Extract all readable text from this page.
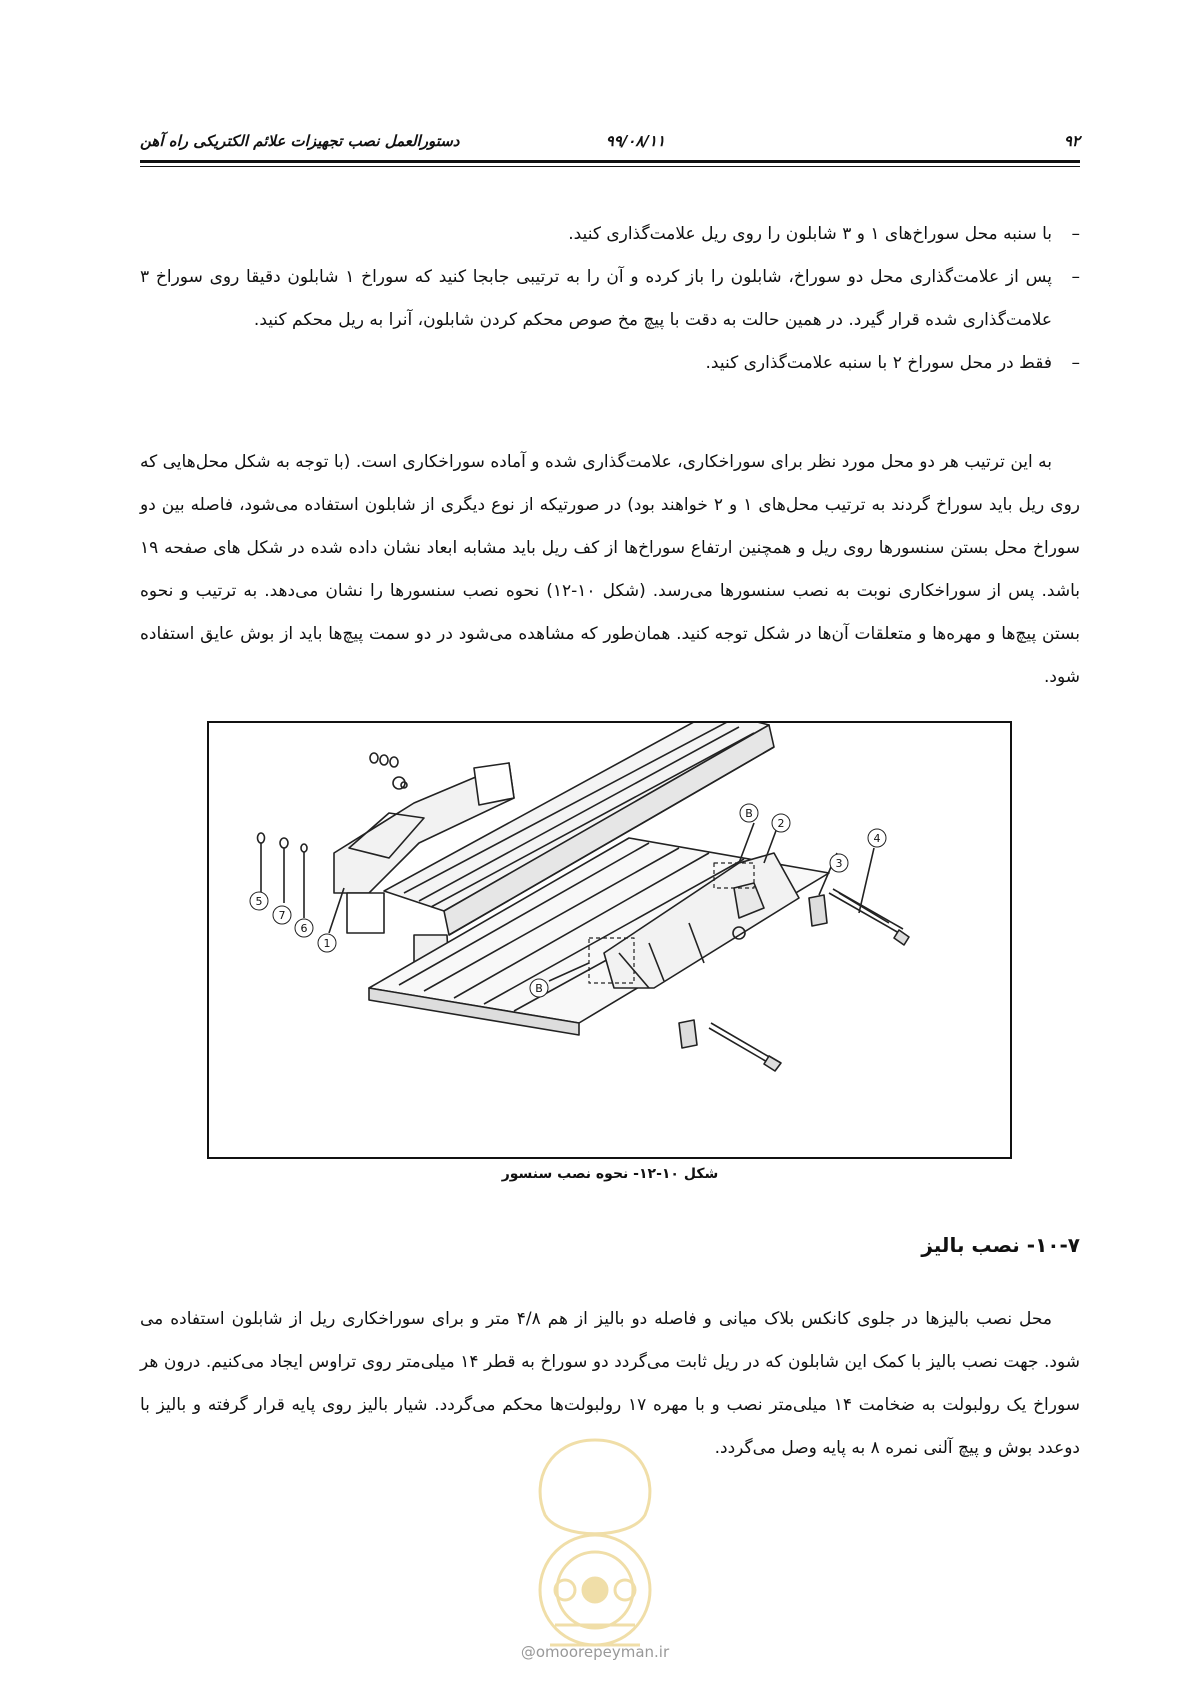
۹۲
۹۹/۰۸/۱۱
دستورالعمل نصب تجهیزات علائم الکتریکی راه آهن

–
با سنبه محل سوراخ‌های ۱ و ۳ شابلون را روی ریل علامت‌گذاری کنید.

–
پس از علامت‌گذاری محل دو سوراخ، شابلون را باز کرده و آن را به ترتیبی جابجا کنید که سوراخ ۱ شابلون دقیقا روی سوراخ ۳ علامت‌گذاری شده قرار گیرد. در همین حالت به دقت با پیچ مخ صوص محکم کردن شابلون، آنرا به ریل محکم کنید.

–
فقط در محل سوراخ ۲ با سنبه علامت‌گذاری کنید.

به این ترتیب هر دو محل مورد نظر برای سوراخکاری، علامت‌گذاری شده و آماده سوراخکاری است. (با توجه به شکل محل‌هایی که روی ریل باید سوراخ گردند به ترتیب محل‌های ۱ و ۲ خواهند بود) در صورتیکه از نوع دیگری از شابلون استفاده می‌شود، فاصله بین دو سوراخ محل بستن سنسورها روی ریل و همچنین ارتفاع سوراخ‌ها از کف ریل باید مشابه ابعاد نشان داده شده در شکل های صفحه ۱۹ باشد. پس از سوراخکاری نوبت به نصب سنسورها می‌رسد. (شکل ۱۰-۱۲) نحوه نصب سنسورها را نشان می‌دهد. به ترتیب و نحوه بستن پیچ‌ها و مهره‌ها و متعلقات آن‌ها در شکل توجه کنید. همان‌طور که مشاهده می‌شود در دو سمت پیچ‌ها باید از بوش عایق استفاده شود.

1
2
3
4
5
6
7
B
B
شکل ۱۰-۱۲- نحوه نصب سنسور
۱۰-۷- نصب بالیز

محل نصب بالیزها در جلوی کانکس بلاک میانی و فاصله دو بالیز از هم ۴/۸ متر و برای سوراخکاری ریل از شابلون استفاده می شود. جهت نصب بالیز با کمک این شابلون که در ریل ثابت می‌گردد دو سوراخ به قطر ۱۴ میلی‌متر روی تراوس ایجاد می‌کنیم. درون هر سوراخ یک رولبولت به ضخامت ۱۴ میلی‌متر نصب و با مهره ۱۷ رولبولت‌ها محکم می‌گردد. شیار بالیز روی پایه قرار گرفته و بالیز با دوعدد بوش و پیچ آلنی نمره ۸ به پایه وصل می‌گردد.

@omoorepeyman.ir
